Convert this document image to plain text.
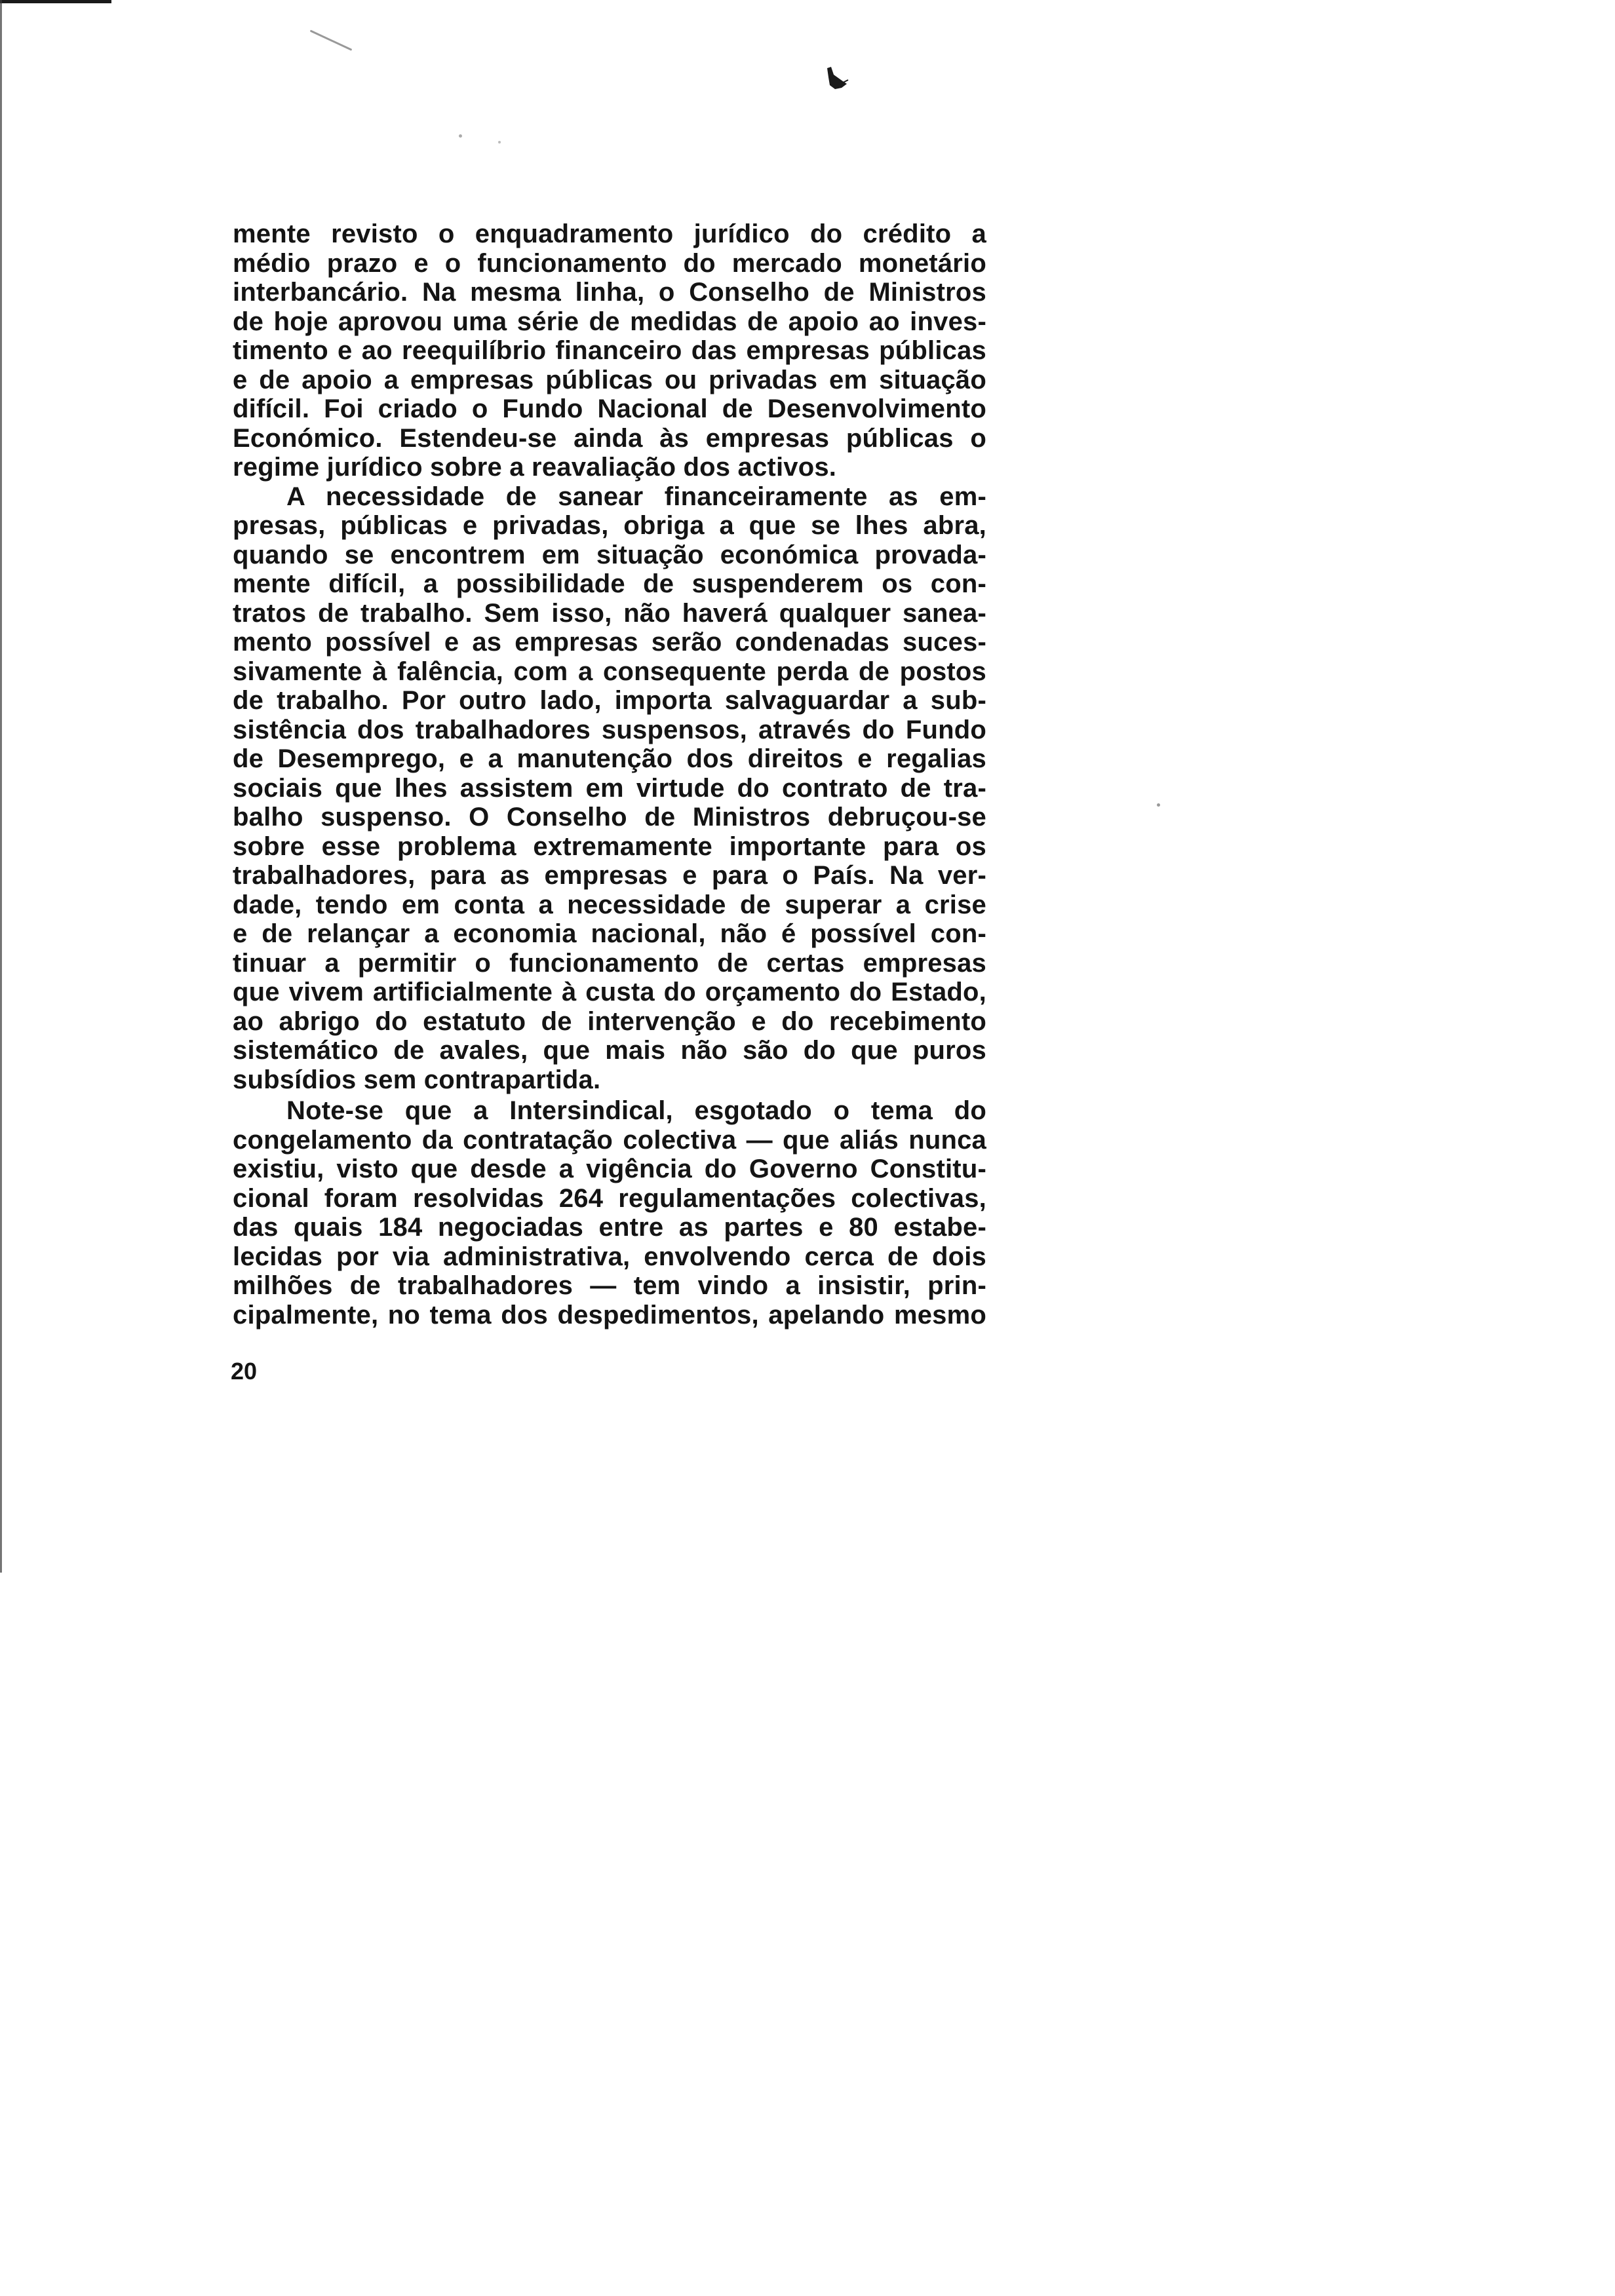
mente revisto o enquadramento jurídico do crédito a
médio prazo e o funcionamento do mercado monetário
interbancário. Na mesma linha, o Conselho de Ministros
de hoje aprovou uma série de medidas de apoio ao inves-
timento e ao reequilíbrio financeiro das empresas públicas
e de apoio a empresas públicas ou privadas em situação
difícil. Foi criado o Fundo Nacional de Desenvolvimento
Económico. Estendeu-se ainda às empresas públicas o
regime jurídico sobre a reavaliação dos activos.

A necessidade de sanear financeiramente as em-
presas, públicas e privadas, obriga a que se lhes abra,
quando se encontrem em situação económica provada-
mente difícil, a possibilidade de suspenderem os con-
tratos de trabalho. Sem isso, não haverá qualquer sanea-
mento possível e as empresas serão condenadas suces-
sivamente à falência, com a consequente perda de postos
de trabalho. Por outro lado, importa salvaguardar a sub-
sistência dos trabalhadores suspensos, através do Fundo
de Desemprego, e a manutenção dos direitos e regalias
sociais que lhes assistem em virtude do contrato de tra-
balho suspenso. O Conselho de Ministros debruçou-se
sobre esse problema extremamente importante para os
trabalhadores, para as empresas e para o País. Na ver-
dade, tendo em conta a necessidade de superar a crise
e de relançar a economia nacional, não é possível con-
tinuar a permitir o funcionamento de certas empresas
que vivem artificialmente à custa do orçamento do Estado,
ao abrigo do estatuto de intervenção e do recebimento
sistemático de avales, que mais não são do que puros
subsídios sem contrapartida.

Note-se que a Intersindical, esgotado o tema do
congelamento da contratação colectiva — que aliás nunca
existiu, visto que desde a vigência do Governo Constitu-
cional foram resolvidas 264 regulamentações colectivas,
das quais 184 negociadas entre as partes e 80 estabe-
lecidas por via administrativa, envolvendo cerca de dois
milhões de trabalhadores — tem vindo a insistir, prin-
cipalmente, no tema dos despedimentos, apelando mesmo

20
